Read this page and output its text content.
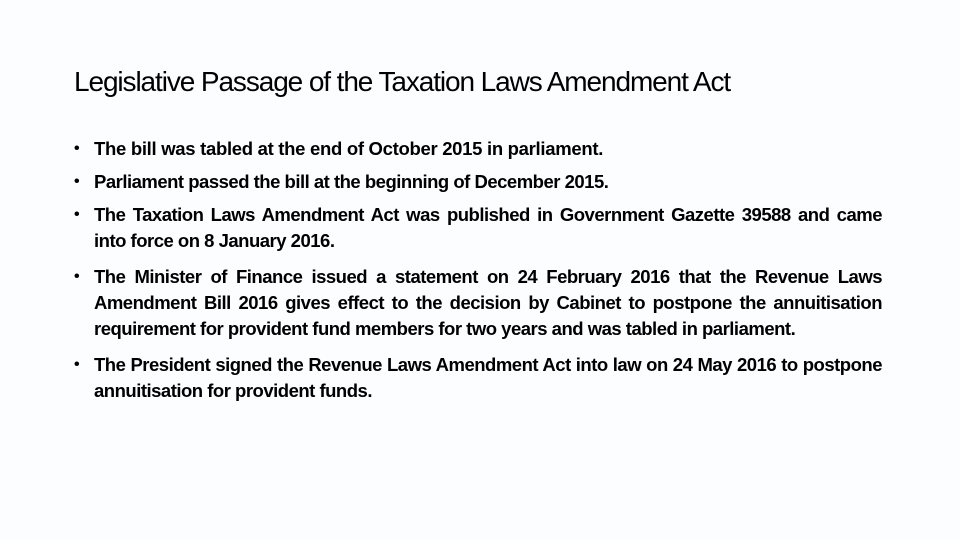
Legislative Passage of the Taxation Laws Amendment Act
• The bill was tabled at the end of October 2015 in parliament.
• Parliament passed the bill at the beginning of December 2015.
• The Taxation Laws Amendment Act was published in Government Gazette 39588 and came into force on 8 January 2016.
• The Minister of Finance issued a statement on 24 February 2016 that the Revenue Laws Amendment Bill 2016 gives effect to the decision by Cabinet to postpone the annuitisation requirement for provident fund members for two years and was tabled in parliament.
• The President signed the Revenue Laws Amendment Act into law on 24 May 2016 to postpone annuitisation for provident funds.
